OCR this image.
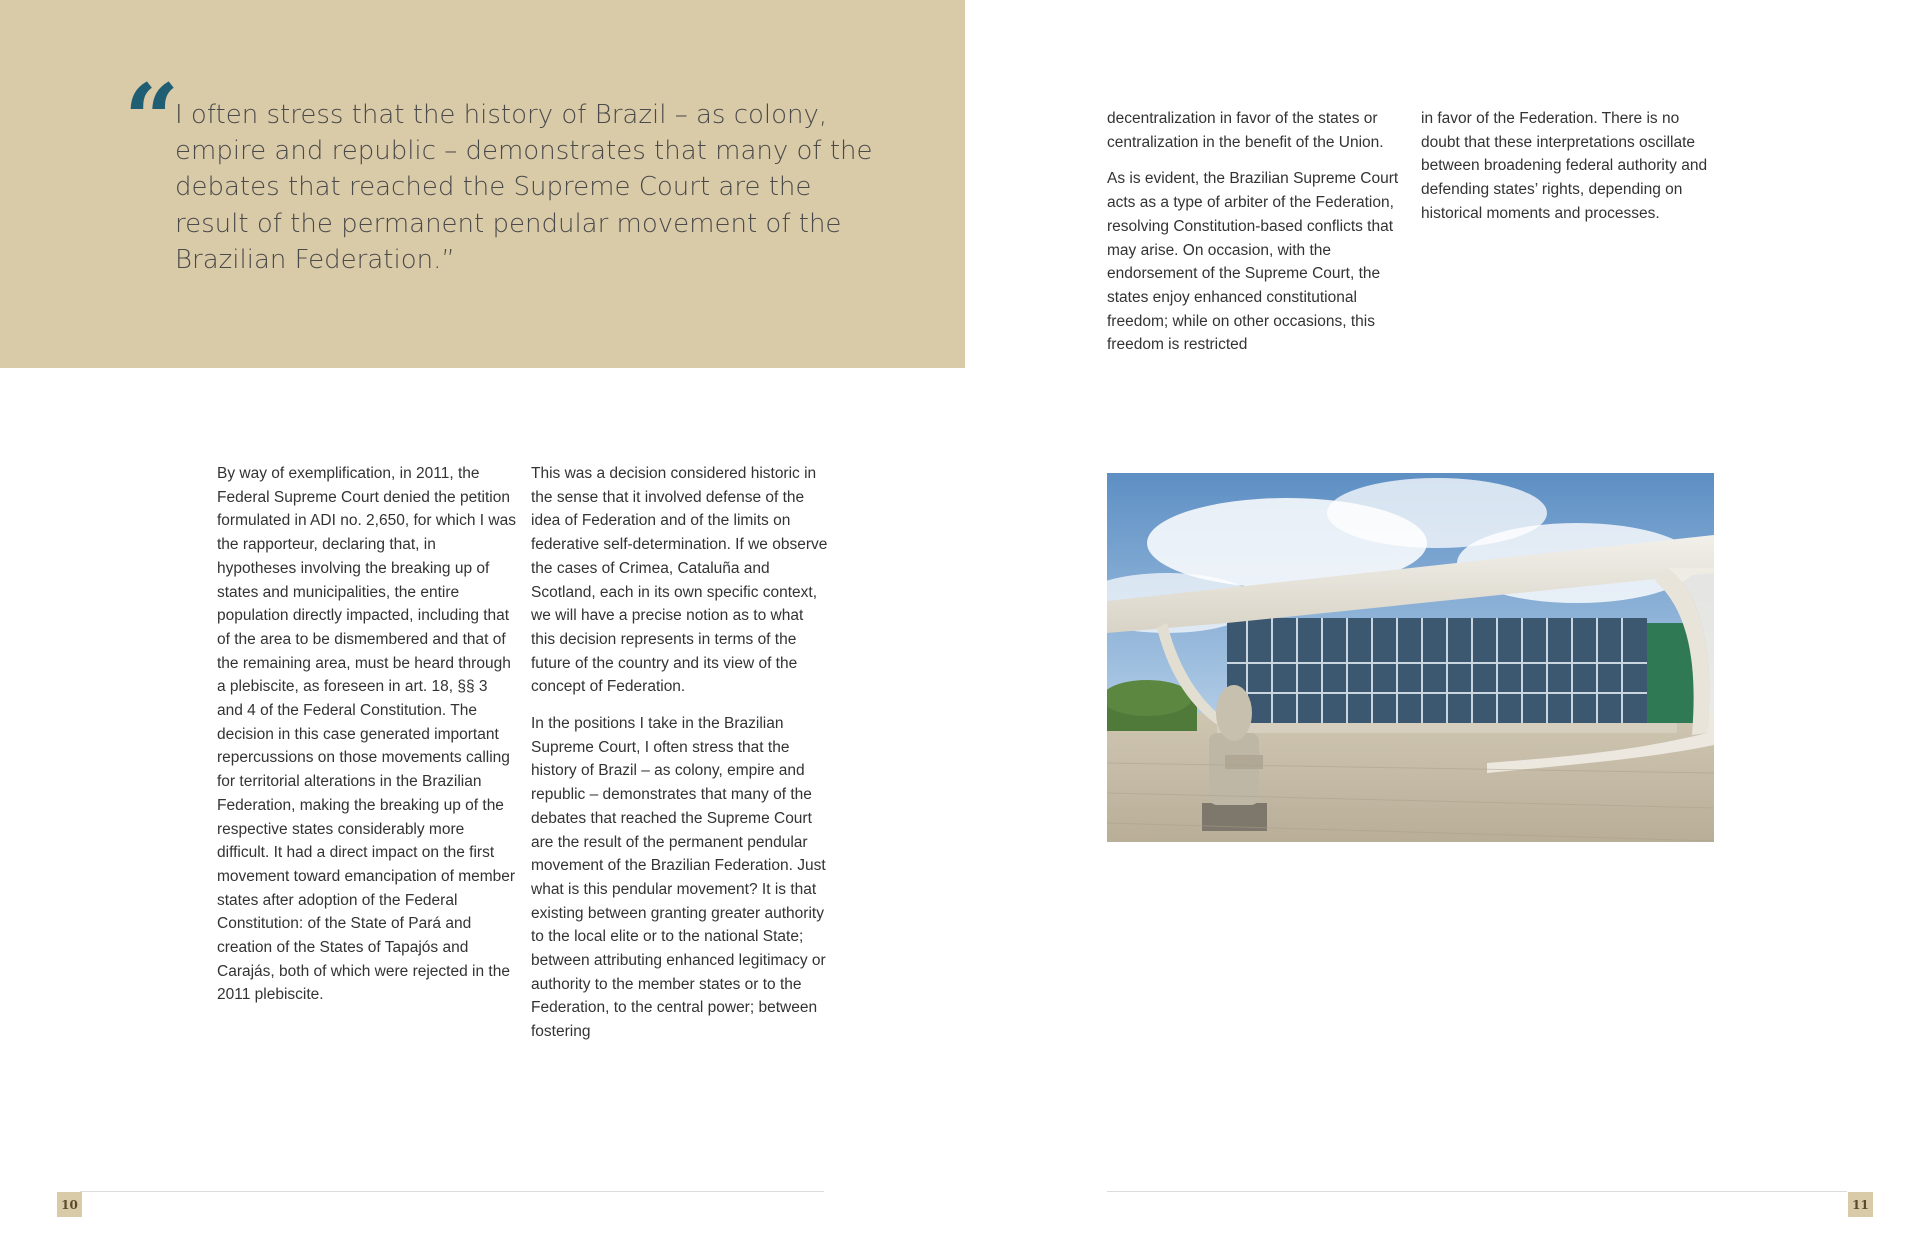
“

I often stress that the history of Brazil – as colony, empire and republic – demonstrates that many of the debates that reached the Supreme Court are the result of the permanent pendular movement of the Brazilian Federation.”

decentralization in favor of the states or centralization in the benefit of the Union.

As is evident, the Brazilian Supreme Court acts as a type of arbiter of the Federation, resolving Constitution-based conflicts that may arise. On occasion, with the endorsement of the Supreme Court, the states enjoy enhanced constitutional freedom; while on other occasions, this freedom is restricted

in favor of the Federation. There is no doubt that these interpretations oscillate between broadening federal authority and defending states’ rights, depending on historical moments and processes.

By way of exemplification, in 2011, the Federal Supreme Court denied the petition formulated in ADI no. 2,650, for which I was the rapporteur, declaring that, in hypotheses involving the breaking up of states and municipalities, the entire population directly impacted, including that of the area to be dismembered and that of the remaining area, must be heard through a plebiscite, as foreseen in art. 18, §§ 3 and 4 of the Federal Constitution. The decision in this case generated important repercussions on those movements calling for territorial alterations in the Brazilian Federation, making the breaking up of the respective states considerably more difficult. It had a direct impact on the first movement toward emancipation of member states after adoption of the Federal Constitution: of the State of Pará and creation of the States of Tapajós and Carajás, both of which were rejected in the 2011 plebiscite.

This was a decision considered historic in the sense that it involved defense of the idea of Federation and of the limits on federative self-determination. If we observe the cases of Crimea, Cataluña and Scotland, each in its own specific context, we will have a precise notion as to what this decision represents in terms of the future of the country and its view of the concept of Federation.

In the positions I take in the Brazilian Supreme Court, I often stress that the history of Brazil – as colony, empire and republic – demonstrates that many of the debates that reached the Supreme Court are the result of the permanent pendular movement of the Brazilian Federation. Just what is this pendular movement? It is that existing between granting greater authority to the local elite or to the national State; between attributing enhanced legitimacy or authority to the member states or to the Federation, to the central power; between fostering

10	11
